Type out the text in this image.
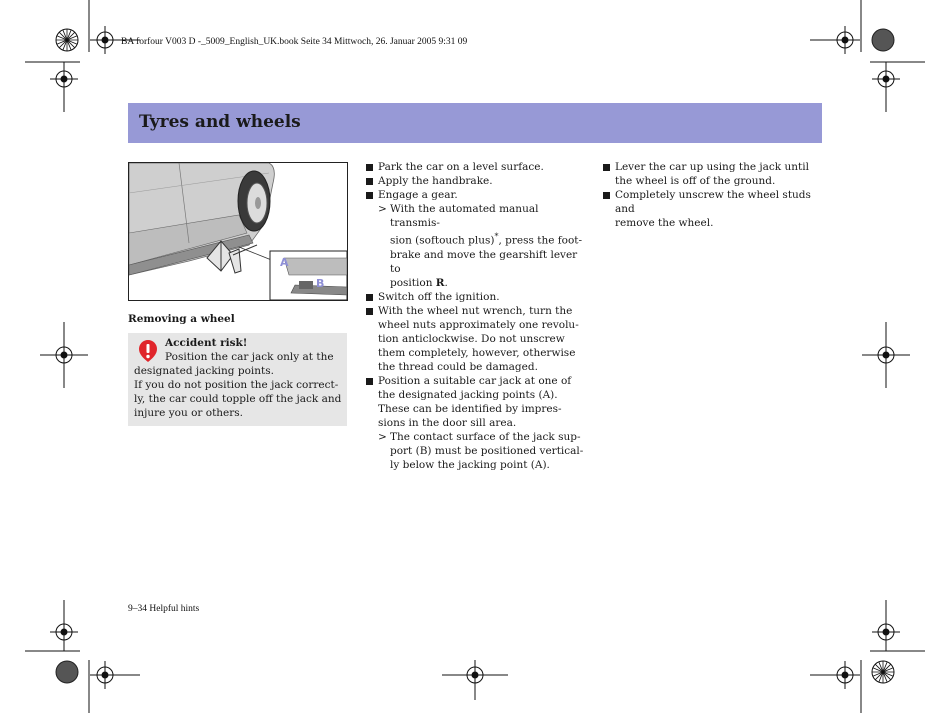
BA forfour V003 D -_5009_English_UK.book Seite 34 Mittwoch, 26. Januar 2005 9:31 09
Tyres and wheels
A
B
Removing a wheel

Accident risk!

Position the car jack only at the

designated jacking points.

If you do not position the jack correct-

ly, the car could topple off the jack and

injure you or others.

Park the car on a level surface.
Apply the handbrake.
Engage a gear.
> With the automated manual transmis-
sion (softouch plus)*, press the foot-
brake and move the gearshift lever to
position R.
Switch off the ignition.
With the wheel nut wrench, turn the
wheel nuts approximately one revolu-
tion anticlockwise. Do not unscrew
them completely, however, otherwise
the thread could be damaged.
Position a suitable car jack at one of
the designated jacking points (A).
These can be identified by impres-
sions in the door sill area.
> The contact surface of the jack sup-
port (B) must be positioned vertical-
ly below the jacking point (A).
Lever the car up using the jack until
the wheel is off of the ground.
Completely unscrew the wheel studs and
remove the wheel.
9–34 Helpful hints
